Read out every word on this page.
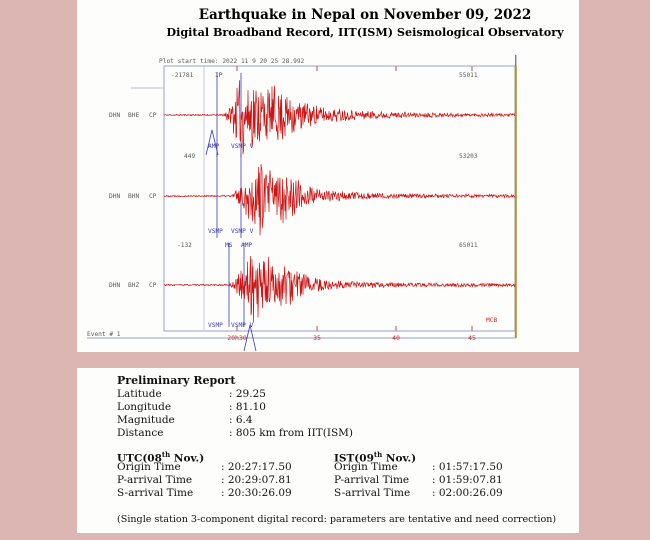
Earthquake in Nepal on November 09, 2022
Digital Broadband Record, IIT(ISM) Seismological Observatory
Plot start time: 2022 11 9 20 25 28.992
Event # 1
MCB
20h30	35	40	45
DHN BHE CP
-21781	55011
IP
AMP VSMP V
DHN BHN CP
449	53203
VSMP VSMP V
DHN BHZ CP
-132	65011
MS AMP
VSMP VSMP V
Preliminary Report
Latitude	: 29.25
Longitude	: 81.10
Magnitude	: 6.4
Distance	: 805 km from IIT(ISM)
UTC(08th Nov.)
Origin Time	: 20:27:17.50
P-arrival Time	: 20:29:07.81
S-arrival Time	: 20:30:26.09
IST(09th Nov.)
Origin Time	: 01:57:17.50
P-arrival Time : 01:59:07.81
S-arrival Time : 02:00:26.09
(Single station 3-component digital record: parameters are tentative and need correction)
